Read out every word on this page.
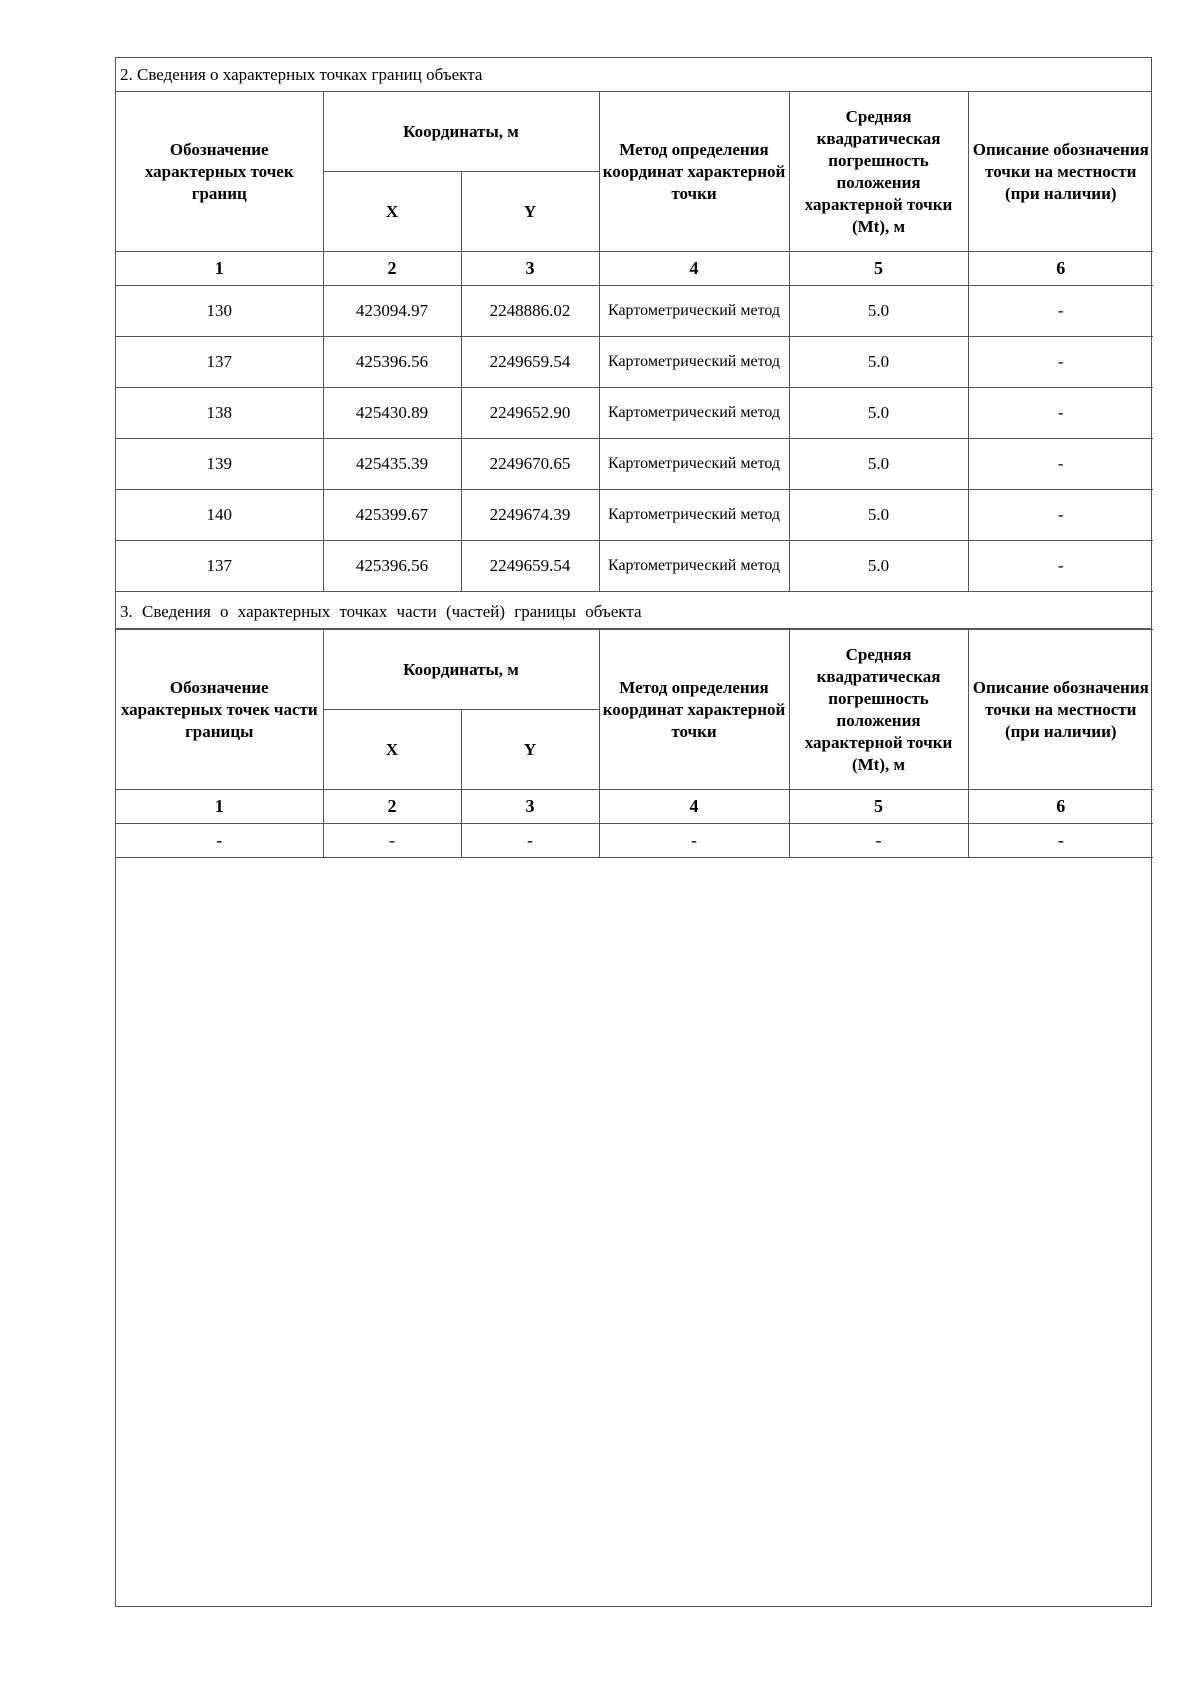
2. Сведения о характерных точках границ объекта
Обозначение характерных точек границ	Координаты, м		Метод определения координат характерной точки	Средняя квадратическая погрешность положения характерной точки (Mt), м	Описание обозначения точки на местности (при наличии)
	X	Y			
1	2	3	4	5	6
130	423094.97	2248886.02	Картометрический метод	5.0	-
137	425396.56	2249659.54	Картометрический метод	5.0	-
138	425430.89	2249652.90	Картометрический метод	5.0	-
139	425435.39	2249670.65	Картометрический метод	5.0	-
140	425399.67	2249674.39	Картометрический метод	5.0	-
137	425396.56	2249659.54	Картометрический метод	5.0	-
3. Сведения о характерных точках части (частей) границы объекта
Обозначение характерных точек части границы	Координаты, м		Метод определения координат характерной точки	Средняя квадратическая погрешность положения характерной точки (Mt), м	Описание обозначения точки на местности (при наличии)
	X	Y			
1	2	3	4	5	6
-	-	-	-	-	-
